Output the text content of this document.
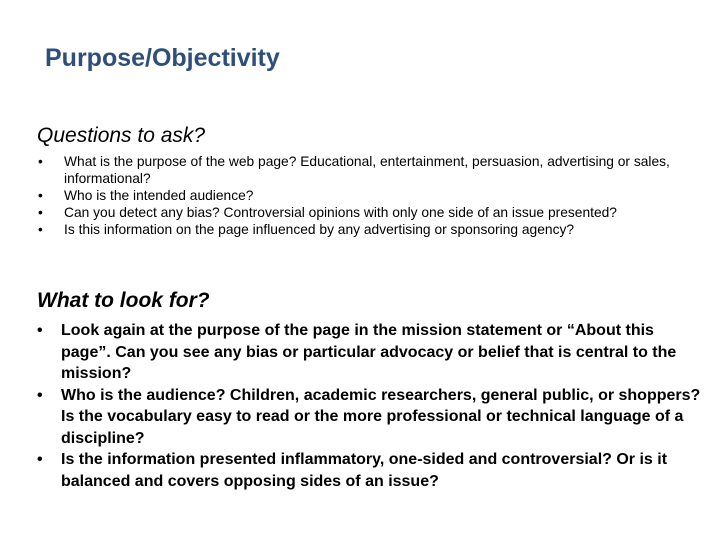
Purpose/Objectivity
Questions to ask?
•	What is the purpose of the web page? Educational, entertainment, persuasion, advertising or sales, informational?
•	Who is the intended audience?
•	Can you detect any bias? Controversial opinions with only one side of an issue presented?
•	Is this information on the page influenced by any advertising or sponsoring agency?
What to look for?
•	Look again at the purpose of the page in the mission statement or “About this page”. Can you see any bias or particular advocacy or belief that is central to the mission?
•	Who is the audience? Children, academic researchers, general public, or shoppers? Is the vocabulary easy to read or the more professional or technical language of a discipline?
•	Is the information presented inflammatory, one-sided and controversial? Or is it balanced and covers opposing sides of an issue?
